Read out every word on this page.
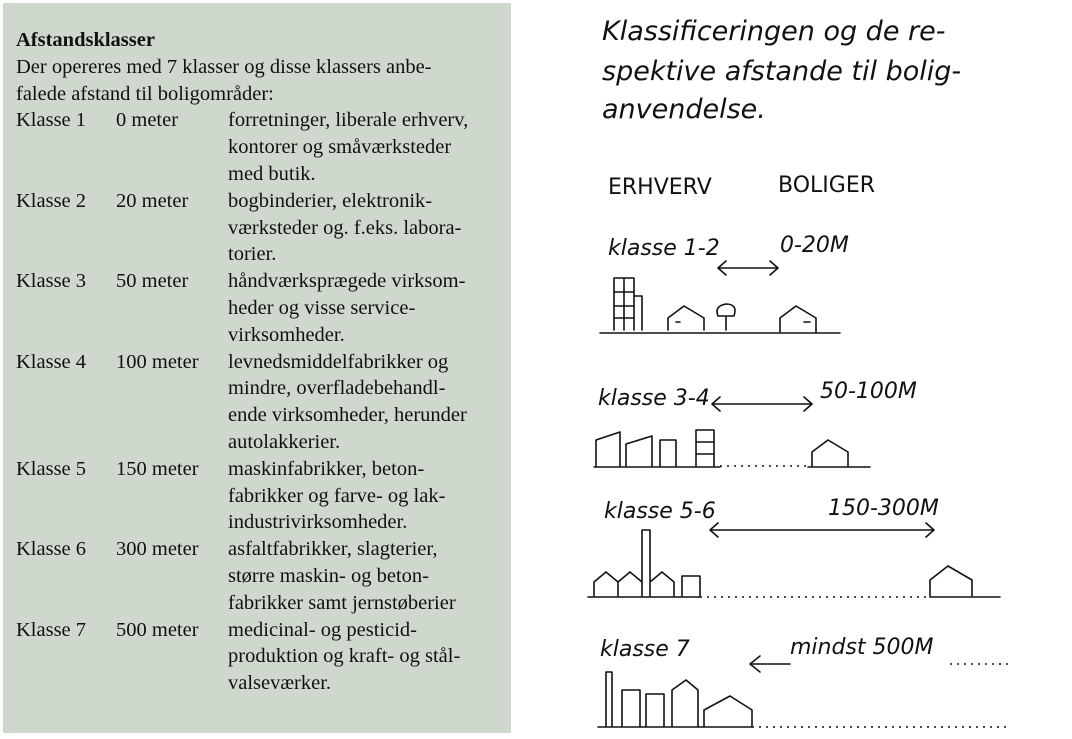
Afstandsklasser
Der opereres med 7 klasser og disse klassers anbe-
falede afstand til boligområder:
Klasse 1	0 meter	forretninger, liberale erhverv,
kontorer og småværksteder
med butik.
Klasse 2	20 meter	bogbinderier, elektronik-
værksteder og. f.eks. labora-
torier.
Klasse 3	50 meter	håndværksprægede virksom-
heder og visse service-
virksomheder.
Klasse 4	100 meter	levnedsmiddelfabrikker og
mindre, overfladebehandl-
ende virksomheder, herunder
autolakkerier.
Klasse 5	150 meter	maskinfabrikker, beton-
fabrikker og farve- og lak-
industrivirksomheder.
Klasse 6	300 meter	asfaltfabrikker, slagterier,
større maskin- og beton-
fabrikker samt jernstøberier
Klasse 7	500 meter	medicinal- og pesticid-
produktion og kraft- og stål-
valseværker.
Klassificeringen og de re-
spektive afstande til bolig-
anvendelse.
ERHVERV	BOLIGER
klasse 1-2	0-20M
klasse 3-4	50-100M
klasse 5-6	150-300M
klasse 7	mindst 500M
